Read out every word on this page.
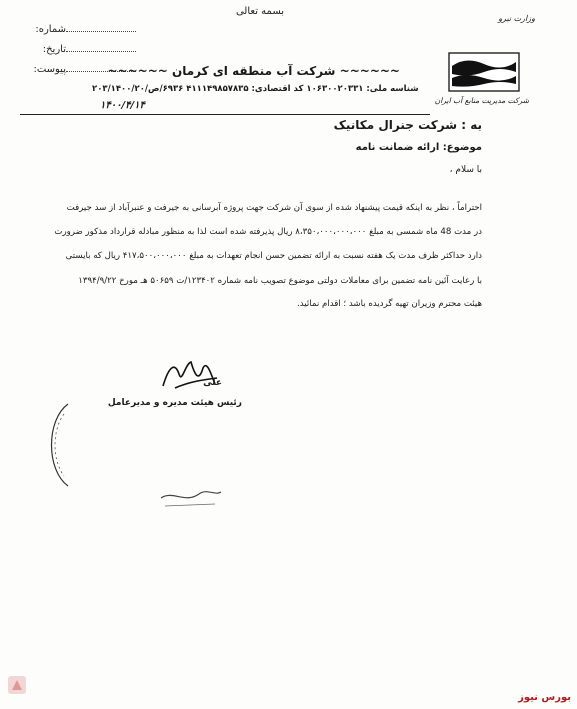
بسمه تعالی
وزارت نیرو
شماره:
تاریخ:
پیوست:	~~~~~~ شرکت آب منطقه ای کرمان ~~~~~~
شناسه ملی: ۱۰۶۳۰۰۲۰۳۳۱ کد اقتصادی: ۴۱۱۱۴۹۸۵۷۸۳۵ ۶۹۳۶/ص/۲۰۳/۱۴۰۰/۲۰
۱۴۰۰/۴/۱۴	شرکت مدیریت منابع آب ایران
به : شرکت جنرال مکانیک
موضوع: ارائه ضمانت نامه
با سلام ،
احتراماً ، نظر به اینکه قیمت پیشنهاد شده از سوی آن شرکت جهت پروژه آبرسانی به جیرفت و عنبرآباد از سد جیرفت
در مدت 48 ماه شمسی به مبلغ ۸،۳۵۰،۰۰۰،۰۰۰،۰۰۰ ریال پذیرفته شده است لذا به منظور مبادله قرارداد مذکور ضرورت
دارد حداکثر ظرف مدت یک هفته نسبت به ارائه تضمین حسن انجام تعهدات به مبلغ ۴۱۷،۵۰۰،۰۰۰،۰۰۰ ریال که بایستی
با رعایت آئین نامه تضمین برای معاملات دولتی موضوع تصویب نامه شماره ۱۲۳۴۰۲/ت ۵۰۶۵۹ هـ مورخ ۱۳۹۴/۹/۲۲
هیئت محترم وزیران تهیه گردیده باشد ؛ اقدام نمائید.
علی
رئیس هیئت مدیره و مدیرعامل
بورس نیوز
